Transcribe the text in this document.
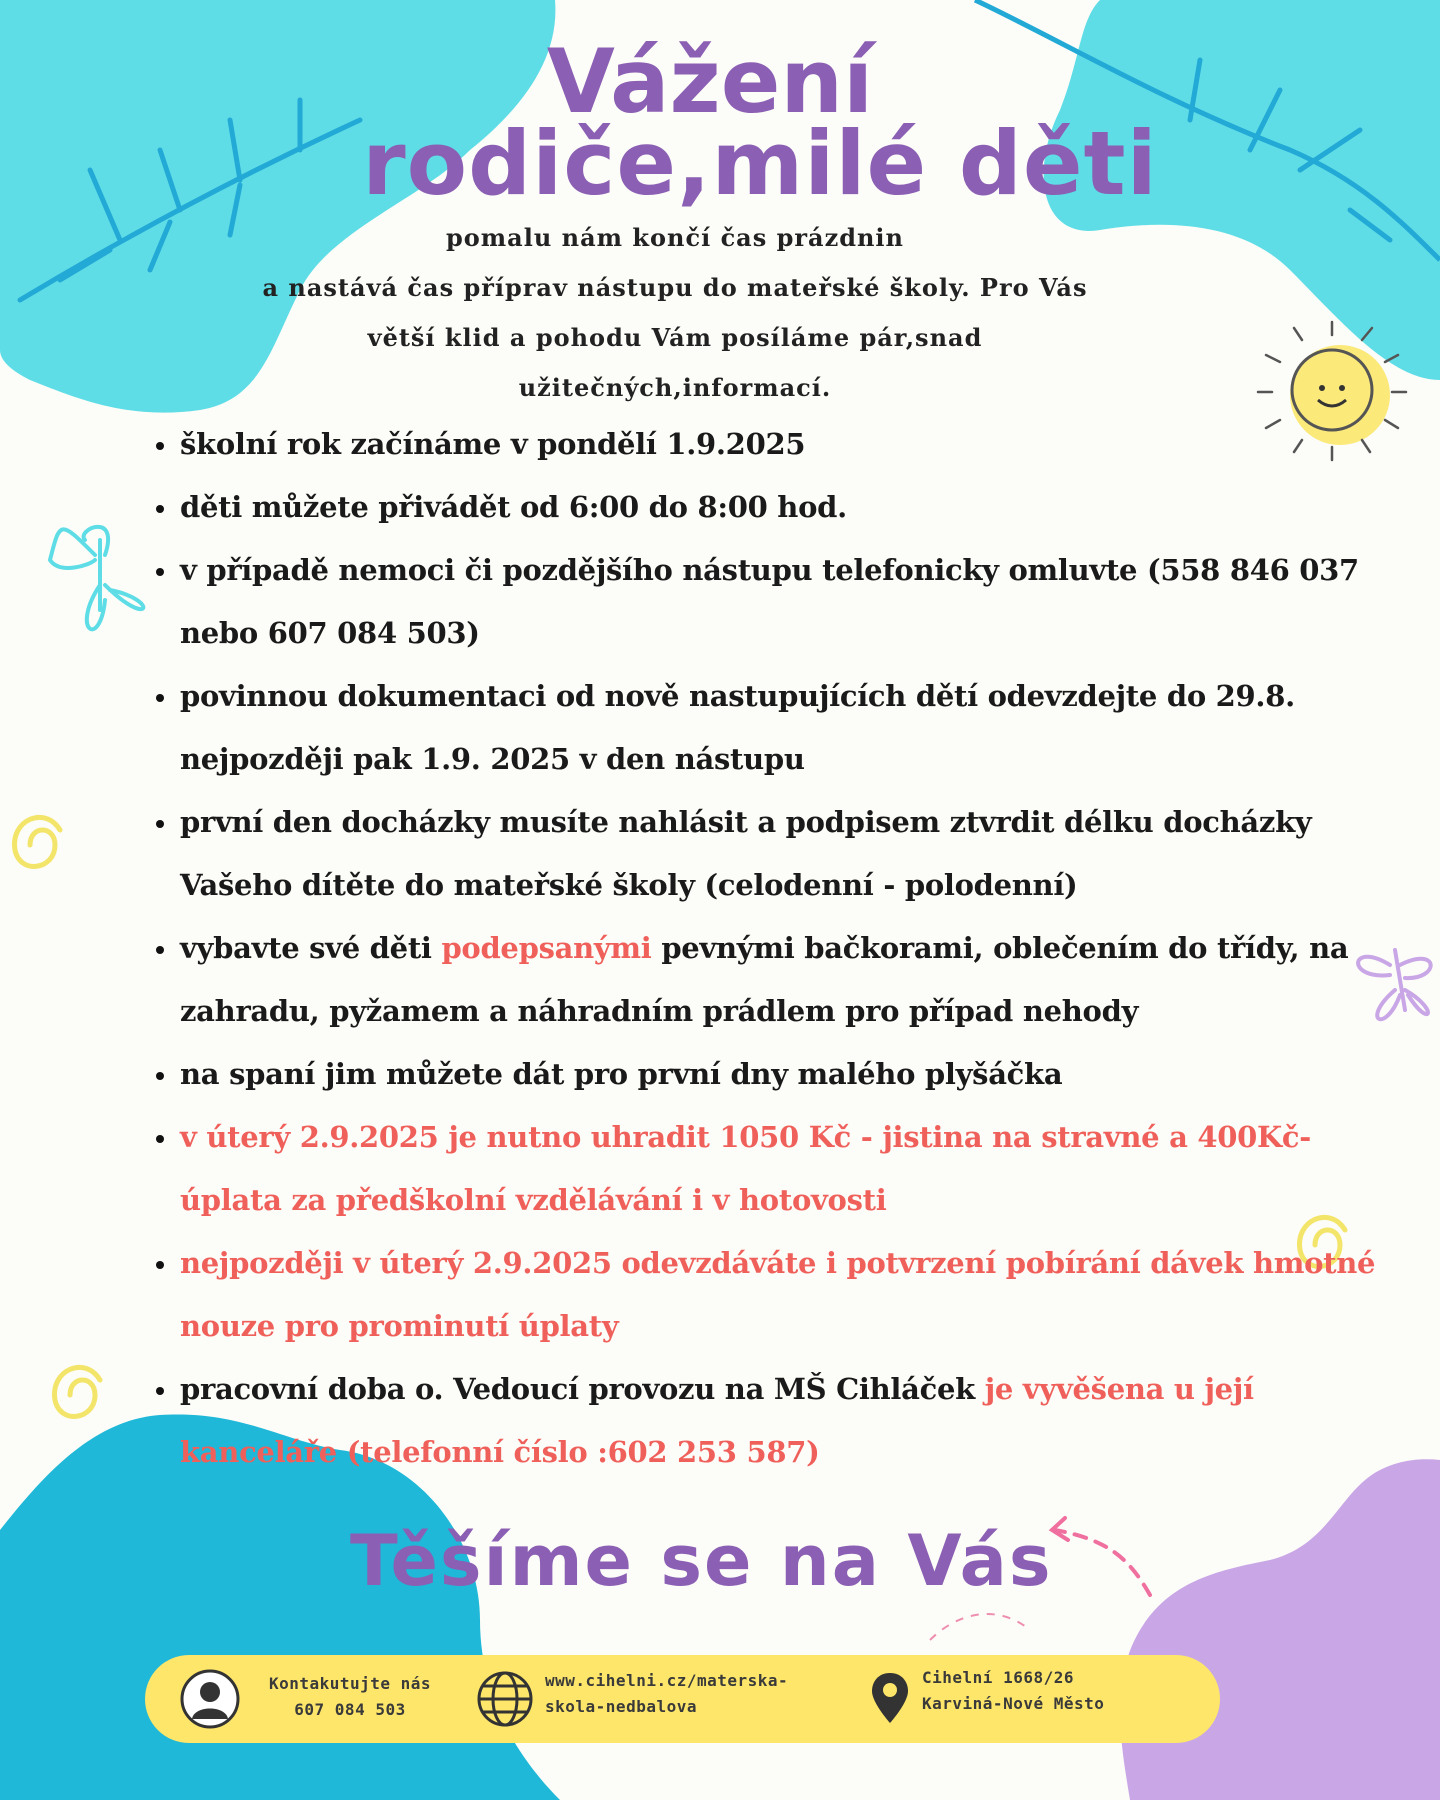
Vážení
rodiče,milé děti
pomalu nám končí čas prázdnin
a nastává čas příprav nástupu do mateřské školy. Pro Vás
větší klid a pohodu Vám posíláme pár,snad
užitečných,informací.
školní rok začínáme v pondělí 1.9.2025
děti můžete přivádět od 6:00 do 8:00 hod.
v případě nemoci či pozdějšího nástupu telefonicky omluvte (558 846 037 nebo 607 084 503)
povinnou dokumentaci od nově nastupujících dětí odevzdejte do 29.8. nejpozději pak 1.9. 2025 v den nástupu
první den docházky musíte nahlásit a podpisem ztvrdit délku docházky Vašeho dítěte do mateřské školy (celodenní - polodenní)
vybavte své děti podepsanými pevnými bačkorami, oblečením do třídy, na zahradu, pyžamem a náhradním prádlem pro případ nehody
na spaní jim můžete dát pro první dny malého plyšáčka
v úterý 2.9.2025 je nutno uhradit 1050 Kč - jistina na stravné a 400Kč- úplata za předškolní vzdělávání i v hotovosti
nejpozději v úterý 2.9.2025 odevzdáváte i potvrzení pobírání dávek hmotné nouze pro prominutí úplaty
pracovní doba o. Vedoucí provozu na MŠ Cihláček je vyvěšena u její kanceláře (telefonní číslo :602 253 587)
Těšíme se na Vás
Kontakutujte nás
607 084 503
www.cihelni.cz/materska-
skola-nedbalova
Cihelní 1668/26
Karviná-Nové Město
